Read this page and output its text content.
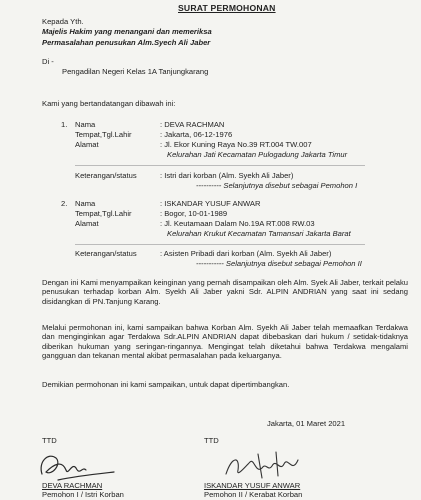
SURAT PERMOHONAN
Kepada Yth.
Majelis Hakim yang menangani dan memeriksa
Permasalahan penusukan Alm.Syech Ali Jaber
Di -
Pengadilan Negeri Kelas 1A Tanjungkarang
Kami yang bertandatangan dibawah ini:
1. Nama	: DEVA RACHMAN
Tempat,Tgl.Lahir	: Jakarta, 06-12-1976
Alamat	: Jl. Ekor Kuning Raya No.39 RT.004 TW.007
Kelurahan Jati Kecamatan Pulogadung Jakarta Timur
Keterangan/status	: Istri dari korban (Alm. Syekh Ali Jaber)
---------- Selanjutnya disebut sebagai Pemohon I
2. Nama	: ISKANDAR YUSUF ANWAR
Tempat,Tgl.Lahir	: Bogor, 10-01-1989
Alamat	: Jl. Keutamaan Dalam No.19A RT.008 RW.03
Kelurahan Krukut Kecamatan Tamansari Jakarta Barat
Keterangan/status	: Asisten Pribadi dari korban (Alm. Syekh Ali Jaber)
----------- Selanjutnya disebut sebagai Pemohon II
Dengan ini Kami menyampaikan keinginan yang pernah disampaikan oleh Alm. Syek Ali Jaber, terkait pelaku penusukan terhadap korban Alm. Syekh Ali Jaber yakni Sdr. ALPIN ANDRIAN yang saat ini sedang disidangkan di PN.Tanjung Karang.
Melalui permohonan ini, kami sampaikan bahwa Korban Alm. Syekh Ali Jaber telah memaafkan Terdakwa dan menginginkan agar Terdakwa Sdr.ALPIN ANDRIAN dapat dibebaskan dari hukum / setidak-tidaknya diberikan hukuman yang seringan-ringannya. Mengingat telah diketahui bahwa Terdakwa mengalami gangguan dan tekanan mental akibat permasalahan pada keluarganya.
Demikian permohonan ini kami sampaikan, untuk dapat dipertimbangkan.
Jakarta, 01 Maret 2021
TTD	TTD
DEVA RACHMAN
Pemohon I / Istri Korban
ISKANDAR YUSUF ANWAR
Pemohon II / Kerabat Korban
